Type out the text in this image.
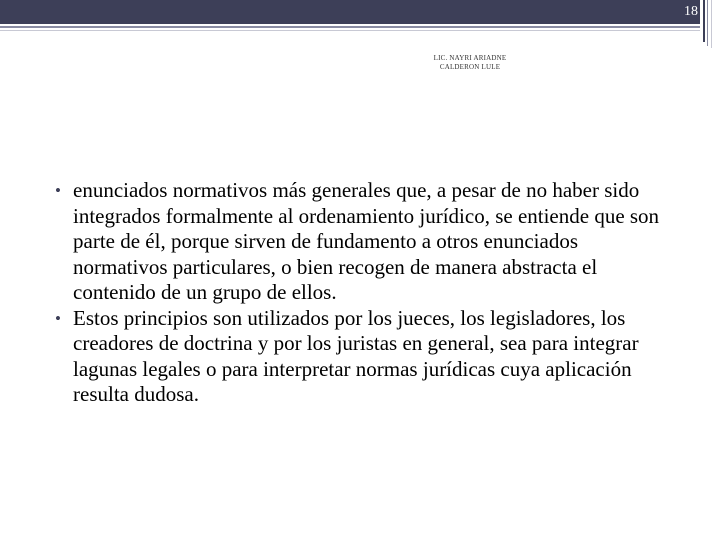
18
LIC. NAYRI ARIADNE
CALDERON LULE
• enunciados normativos más generales que, a pesar de no haber sido integrados formalmente al ordenamiento jurídico, se entiende que son parte de él, porque sirven de fundamento a otros enunciados normativos particulares, o bien recogen de manera abstracta el contenido de un grupo de ellos.
• Estos principios son utilizados por los jueces, los legisladores, los creadores de doctrina y por los juristas en general, sea para integrar lagunas legales o para interpretar normas jurídicas cuya aplicación resulta dudosa.
